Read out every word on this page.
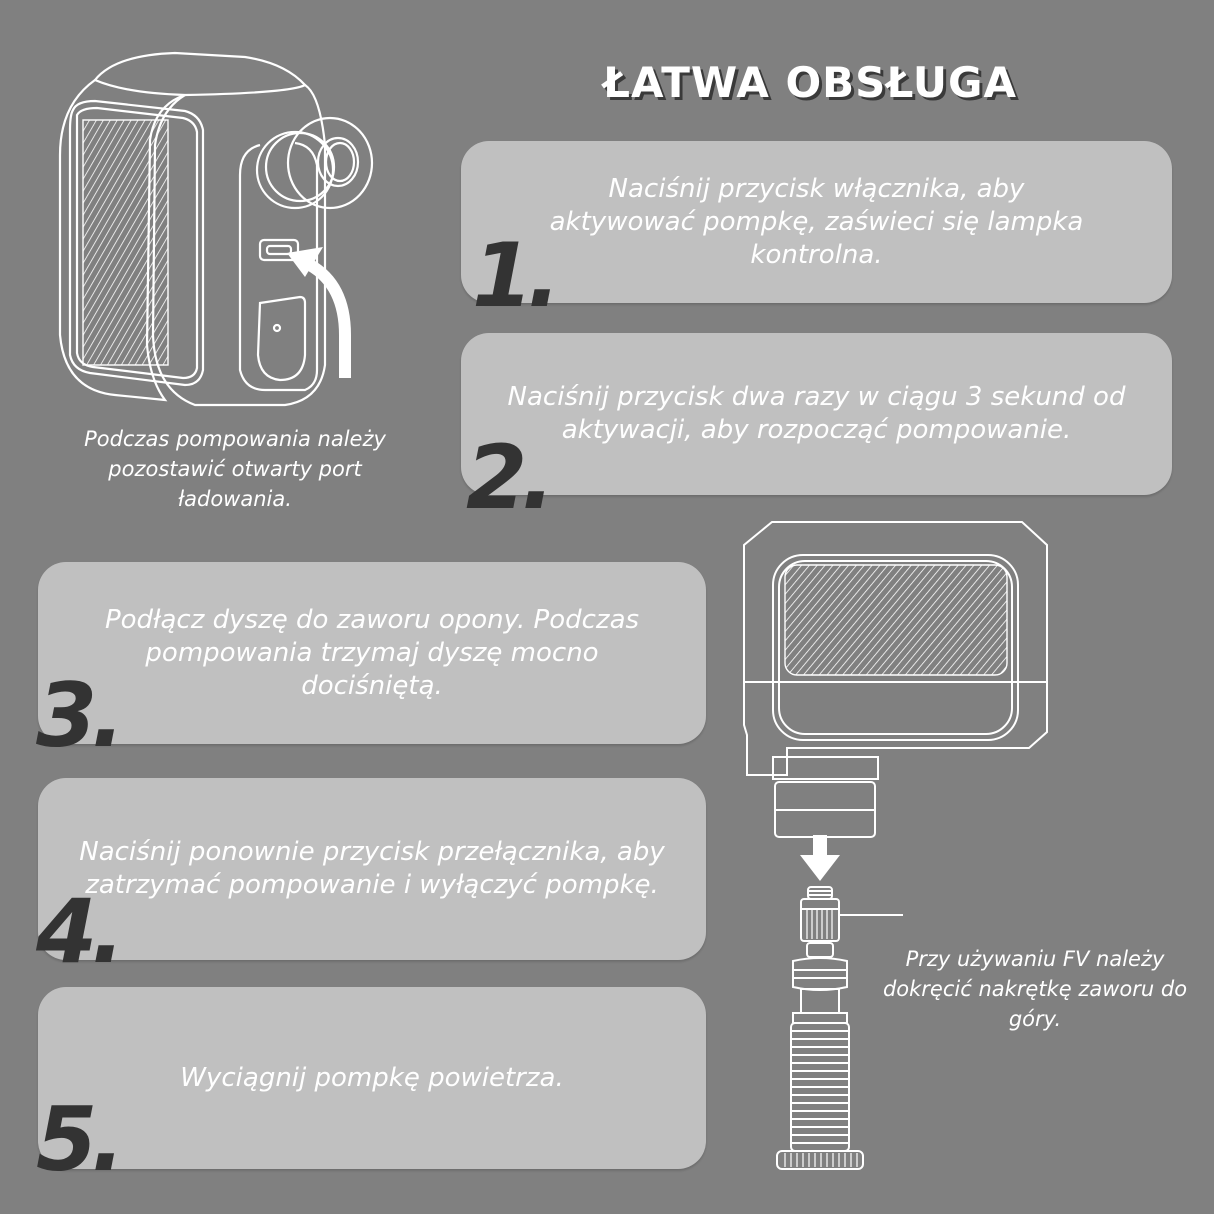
ŁATWA OBSŁUGA
Podczas pompowania należy pozostawić otwarty port ładowania.
Naciśnij przycisk włącznika, aby aktywować pompkę, zaświeci się lampka kontrolna.
1.
Naciśnij przycisk dwa razy w ciągu 3 sekund od aktywacji, aby rozpocząć pompowanie.
2.
Podłącz dyszę do zaworu opony. Podczas pompowania trzymaj dyszę mocno dociśniętą.
3.
Naciśnij ponownie przycisk przełącznika, aby zatrzymać pompowanie i wyłączyć pompkę.
4.
Wyciągnij pompkę powietrza.
5.
Przy używaniu FV należy dokręcić nakrętkę zaworu do góry.
